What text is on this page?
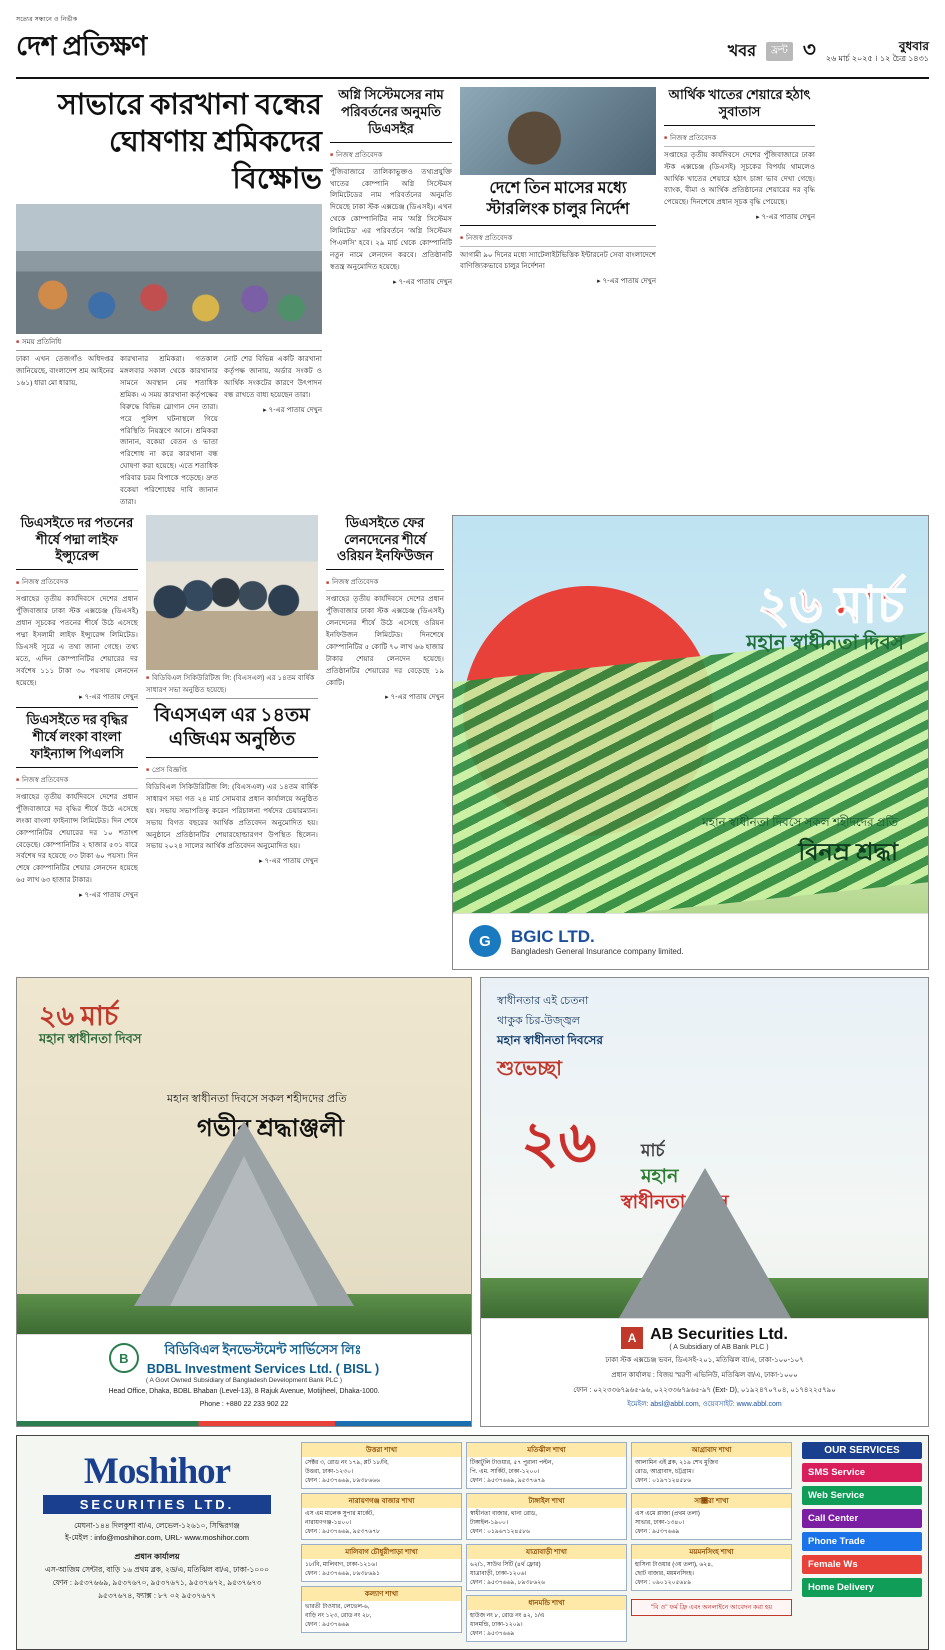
সত্যের সন্ধানে ও নির্ভীক
দেশ প্রতিক্ষণ	খবর	ফ্রন্ট ৩	বুধবার
২৬ মার্চ ২০২৫ । ১২ চৈত্র ১৪৩১
সাভারে কারখানা বন্ধের ঘোষণায় শ্রমিকদের বিক্ষোভ
■ সময় প্রতিনিধি
ঢাকা এখন তেজগাঁও অধিদপ্তর জানিয়েছে, বাংলাদেশ শ্রম আইনের ১৬১) ধারা মো ধারায়,
কারখানার শ্রমিকরা। গতকাল মঙ্গলবার সকাল থেকে কারখানার সামনে অবস্থান নেয় শতাধিক শ্রমিক। এ সময় কারখানা কর্তৃপক্ষের বিরুদ্ধে বিভিন্ন স্লোগান দেন তারা। পরে পুলিশ ঘটনাস্থলে গিয়ে পরিস্থিতি নিয়ন্ত্রণে আনে। শ্রমিকরা জানান, বকেয়া বেতন ও ভাতা পরিশোধ না করে কারখানা বন্ধ ঘোষণা করা হয়েছে। এতে শতাধিক পরিবার চরম বিপাকে পড়েছে। দ্রুত বকেয়া পরিশোধের দাবি জানান তারা।
নোট শের বিভিন্ন একটি কারখানা কর্তৃপক্ষ জানায়, অর্ডার সংকট ও আর্থিক সংকটের কারণে উৎপাদন বন্ধ রাখতে বাধ্য হয়েছেন তারা।
▸ ৭-এর পাতায় দেখুন
অগ্নি সিস্টেমসের নাম পরিবর্তনের অনুমতি ডিএসইর
■ নিজস্ব প্রতিবেদক
পুঁজিবাজারে তালিকাভুক্তও তথ্যপ্রযুক্তি খাতের কোম্পানি অগ্নি সিস্টেমস লিমিটেডের নাম পরিবর্তনের অনুমতি দিয়েছে ঢাকা স্টক এক্সচেঞ্জ (ডিএসই)। এখন থেকে কোম্পানিটির নাম 'অগ্নি সিস্টেমস লিমিটেড' এর পরিবর্তনে 'অগ্নি সিস্টেমস পিএলসি' হবে। ২৯ মার্চ থেকে কোম্পানিটি নতুন নামে লেনদেন করবে। প্রতিষ্ঠানটি স্বতন্ত্র অনুমোদিত হয়েছে।
▸ ৭-এর পাতায় দেখুন
দেশে তিন মাসের মধ্যে স্টারলিংক চালুর নির্দেশ
■ নিজস্ব প্রতিবেদক
আগামী ৯০ দিনের মধ্যে স্যাটেলাইটভিত্তিক ইন্টারনেট সেবা বাংলাদেশে বাণিজ্যিকভাবে চালুর নির্দেশনা
▸ ৭-এর পাতায় দেখুন
আর্থিক খাতের শেয়ারে হঠাৎ সুবাতাস
■ নিজস্ব প্রতিবেদক
সপ্তাহের তৃতীয় কার্যদিবসে দেশের পুঁজিবাজারে ঢাকা স্টক এক্সচেঞ্জ (ডিএসই) সূচকের বিপর্যয় থামলেও আর্থিক খাতের শেয়ারে হঠাৎ চাঙ্গা ভাব দেখা গেছে। ব্যাংক, বীমা ও আর্থিক প্রতিষ্ঠানের শেয়ারের দর বৃদ্ধি পেয়েছে। দিনশেষে প্রধান সূচক বৃদ্ধি পেয়েছে।
▸ ৭-এর পাতায় দেখুন
ডিএসইতে দর পতনের শীর্ষে পদ্মা লাইফ ইন্স্যুরেন্স
■ নিজস্ব প্রতিবেদক
সপ্তাহের তৃতীয় কার্যদিবসে দেশের প্রধান পুঁজিবাজার ঢাকা স্টক এক্সচেঞ্জ (ডিএসই) প্রধান সূচকের পতনের শীর্ষে উঠে এসেছে পদ্মা ইসলামী লাইফ ইন্স্যুরেন্স লিমিটেড। ডিএসই সূত্রে এ তথ্য জানা গেছে। তথ্য মতে, এদিন কোম্পানিটির শেয়ারের দর সর্বশেষ ১১১ টাকা ৩০ পয়সায় লেনদেন হয়েছে।
▸ ৭-এর পাতায় দেখুন
ডিএসইতে দর বৃদ্ধির শীর্ষে লংকা বাংলা ফাইন্যান্স পিএলসি
■ নিজস্ব প্রতিবেদক
সপ্তাহের তৃতীয় কার্যদিবসে দেশের প্রধান পুঁজিবাজারে দর বৃদ্ধির শীর্ষে উঠে এসেছে লংকা বাংলা ফাইন্যান্স লিমিটেড। দিন শেষে কোম্পানিটির শেয়ারের দর ১০ শতাংশ বেড়েছে। কোম্পানিটির ২ হাজার ৫৩১ বারে সর্বশেষ দর হয়েছে ৩৩ টাকা ৬০ পয়সা। দিন শেষে কোম্পানিটির শেয়ার লেনদেন হয়েছে ৬৫ লাখ ৬৩ হাজার টাকার।
▸ ৭-এর পাতায় দেখুন
■ বিডিবিএল সিকিউরিটিজ লি: (বিএসএল) এর ১৪তম বার্ষিক সাধারণ সভা অনুষ্ঠিত হয়েছে।
বিএসএল এর ১৪তম এজিএম অনুষ্ঠিত
■ প্রেস বিজ্ঞপ্তি
বিডিবিএল সিকিউরিটিজ লি: (বিএসএল) এর ১৪তম বার্ষিক সাধারণ সভা গত ২৪ মার্চ সোমবার প্রধান কার্যালয়ে অনুষ্ঠিত হয়। সভায় সভাপতিত্ব করেন পরিচালনা পর্ষদের চেয়ারম্যান। সভায় বিগত বছরের আর্থিক প্রতিবেদন অনুমোদিত হয়। অনুষ্ঠানে প্রতিষ্ঠানটির শেয়ারহোল্ডারগণ উপস্থিত ছিলেন। সভায় ২০২৪ সালের আর্থিক প্রতিবেদন অনুমোদিত হয়।
▸ ৭-এর পাতায় দেখুন
ডিএসইতে ফের লেনদেনের শীর্ষে ওরিয়ন ইনফিউজন
■ নিজস্ব প্রতিবেদক
সপ্তাহের তৃতীয় কার্যদিবসে দেশের প্রধান পুঁজিবাজার ঢাকা স্টক এক্সচেঞ্জ (ডিএসই) লেনদেনের শীর্ষে উঠে এসেছে ওরিয়ন ইনফিউজন লিমিটেড। দিনশেষে কোম্পানিটির ৫ কোটি ৭০ লাখ ৬৬ হাজার টাকার শেয়ার লেনদেন হয়েছে। প্রতিষ্ঠানটির শেয়ারের দর বেড়েছে ১৯ কোটি।
▸ ৭-এর পাতায় দেখুন
২৬ মার্চ
মহান স্বাধীনতা দিবস
মহান স্বাধীনতা দিবসে সকল শহীদদের প্রতি
বিনম্র শ্রদ্ধা
G	BGIC LTD.
Bangladesh General Insurance company limited.
২৬ মার্চ
মহান স্বাধীনতা দিবস
মহান স্বাধীনতা দিবসে সকল শহীদদের প্রতি
গভীর শ্রদ্ধাঞ্জলী
B
বিডিবিএল ইনভেস্টমেন্ট সার্ভিসেস লিঃ
BDBL Investment Services Ltd. ( BISL )
( A Govt Owned Subsidiary of Bangladesh Development Bank PLC )
Head Office, Dhaka, BDBL Bhaban (Level-13), 8 Rajuk Avenue, Motijheel, Dhaka-1000.
Phone : +880 22 233 902 22
স্বাধীনতার এই চেতনা
থাকুক চির-উজ্জ্বল
মহান স্বাধীনতা দিবসের
শুভেচ্ছা
২৬	মার্চ
মহান
স্বাধীনতা দিবস
A AB Securities Ltd.
( A Subsidiary of AB Bank PLC )
ঢাকা স্টক এক্সচেঞ্জ ভবন, ডিএসই-২০১, মতিঝিল বা/এ, ঢাকা-১০০-১০৭
প্রধান কার্যালয় : বিজয় স্মরণী এভিনিউ, মতিঝিল বা/এ, ঢাকা-১০০০
ফোন : ০২২৩৩৬৭৯৬৫-৯৬, ০২২৩৩৬৭৯৬৫-৯৭ (Ext- D), ০১৯২৪৭০৭০৪, ০১৭৪২২৫৭৯০
ইমেইল: absl@abbl.com, ওয়েবসাইট: www.abbl.com
Moshihor
SECURITIES LTD.
মেঘনা-১৪৪ দিলকুশা বা/এ, লেভেল-১২৬১০, সিদ্ধিরগঞ্জ
ই-মেইল : info@moshihor.com, URL- www.moshihor.com
প্রধান কার্যালয়
এস-আজিম সেন্টার, বাড়ি ১৬ প্রথম ব্লক, ২ড/এ, মতিঝিল বা/এ, ঢাকা-১০০০
ফোন : ৯৫৩৭৬৬৯, ৯৫৩৭৬৭০, ৯৫৩৭৬৭১, ৯৫৩৭৬৭২, ৯৫৩৭৬৭৩
৯৫৩৭৬৭৪, ফ্যাক্স : ৮৭ ০২ ৯৫৩৭৬৭৭
উত্তরা শাখা
সেক্টর ৩, রোড নং ১৭৯, প্লট ১৮/বি,
উত্তরা, ঢাকা-১২৩০।
ফোন : ৯৫৩৭৬৬৯, ৮৯৩৮৬৬৬
নারায়ণগঞ্জ বাজার শাখা
এস এম মালেক সুপার মার্কেট,
নারায়ণগঞ্জ-১৪০০।
ফোন : ৯৫৩৭৬৬৯, ৯৫৩৭৬৭৮
মালিবাগ চৌধুরীপাড়া শাখা
১৮/বি, মালিবাগ, ঢাকা-১২১৬।
ফোন : ৯৫৩৭৬৬৯, ৮৯৩৮৬৯১
কল্যাণ শাখা
ভারতী টাওযার, লেভেল-৬,
বাড়ি নং ১২৩, রোড নং ২৮,
ফোন : ৯৫৩৭৬৬৯
মতিঝীল শাখা
টিকাটুলি টাওয়ার, ৫৭ পুরানা পল্টন,
পি. এম. সার্কিট, ঢাকা-১২০০।
ফোন : ৯৫৩৭৬৬৯, ৯৫৩৭৬৭৯
টাঙ্গাইল শাখা
স্বাধীনতা বাজার, থানা রোড,
টাঙ্গাইল-১৯০০।
ফোন : ০১৯৬৭১২৪৫৮৬
যাত্রাবাড়ী শাখা
৬২/১, সাউথ সিটি (৪র্থ ফ্লোর)
যাত্রাবাড়ী, ঢাকা-১২০৬।
ফোন : ৯৫৩৭৬৬৯, ৮৯৩৮৬২৬
ধানমন্ডি শাখা
হাউজ নং ৮, রোড নং ৪২, ১/এ
ধানমন্ডি, ঢাকা-১২০৯।
ফোন : ৯৫৩৭৬৬৯
আগ্রাবাদ শাখা
আলামিন এই ব্লক, ২১৯ শেখ মুজিব
রোড, আগ্রাবাদ, চট্টগ্রাম।
ফোন : ০১৯৭১২৪৫৮৬
সা঵রা শাখা
এস এমে প্লাজা (প্রথম তলা)
সাভার, ঢাকা-১৩৪০।
ফোন : ৯৫৩৭৬৬৯
ময়মনসিংহ শাখা
হাসিনা টাওয়ার (৩য় তলা), ৬২৪,
ছোট বাজার, ময়মনসিংহ।
ফোন : ০৯০১২০৫৬৮৯
"বি ও" ফর্ম ফ্রি এবং অনলাইনে আবেদন করা হয়
OUR SERVICES
SMS Service
Web Service
Call Center
Phone Trade
Female Ws
Home Delivery
